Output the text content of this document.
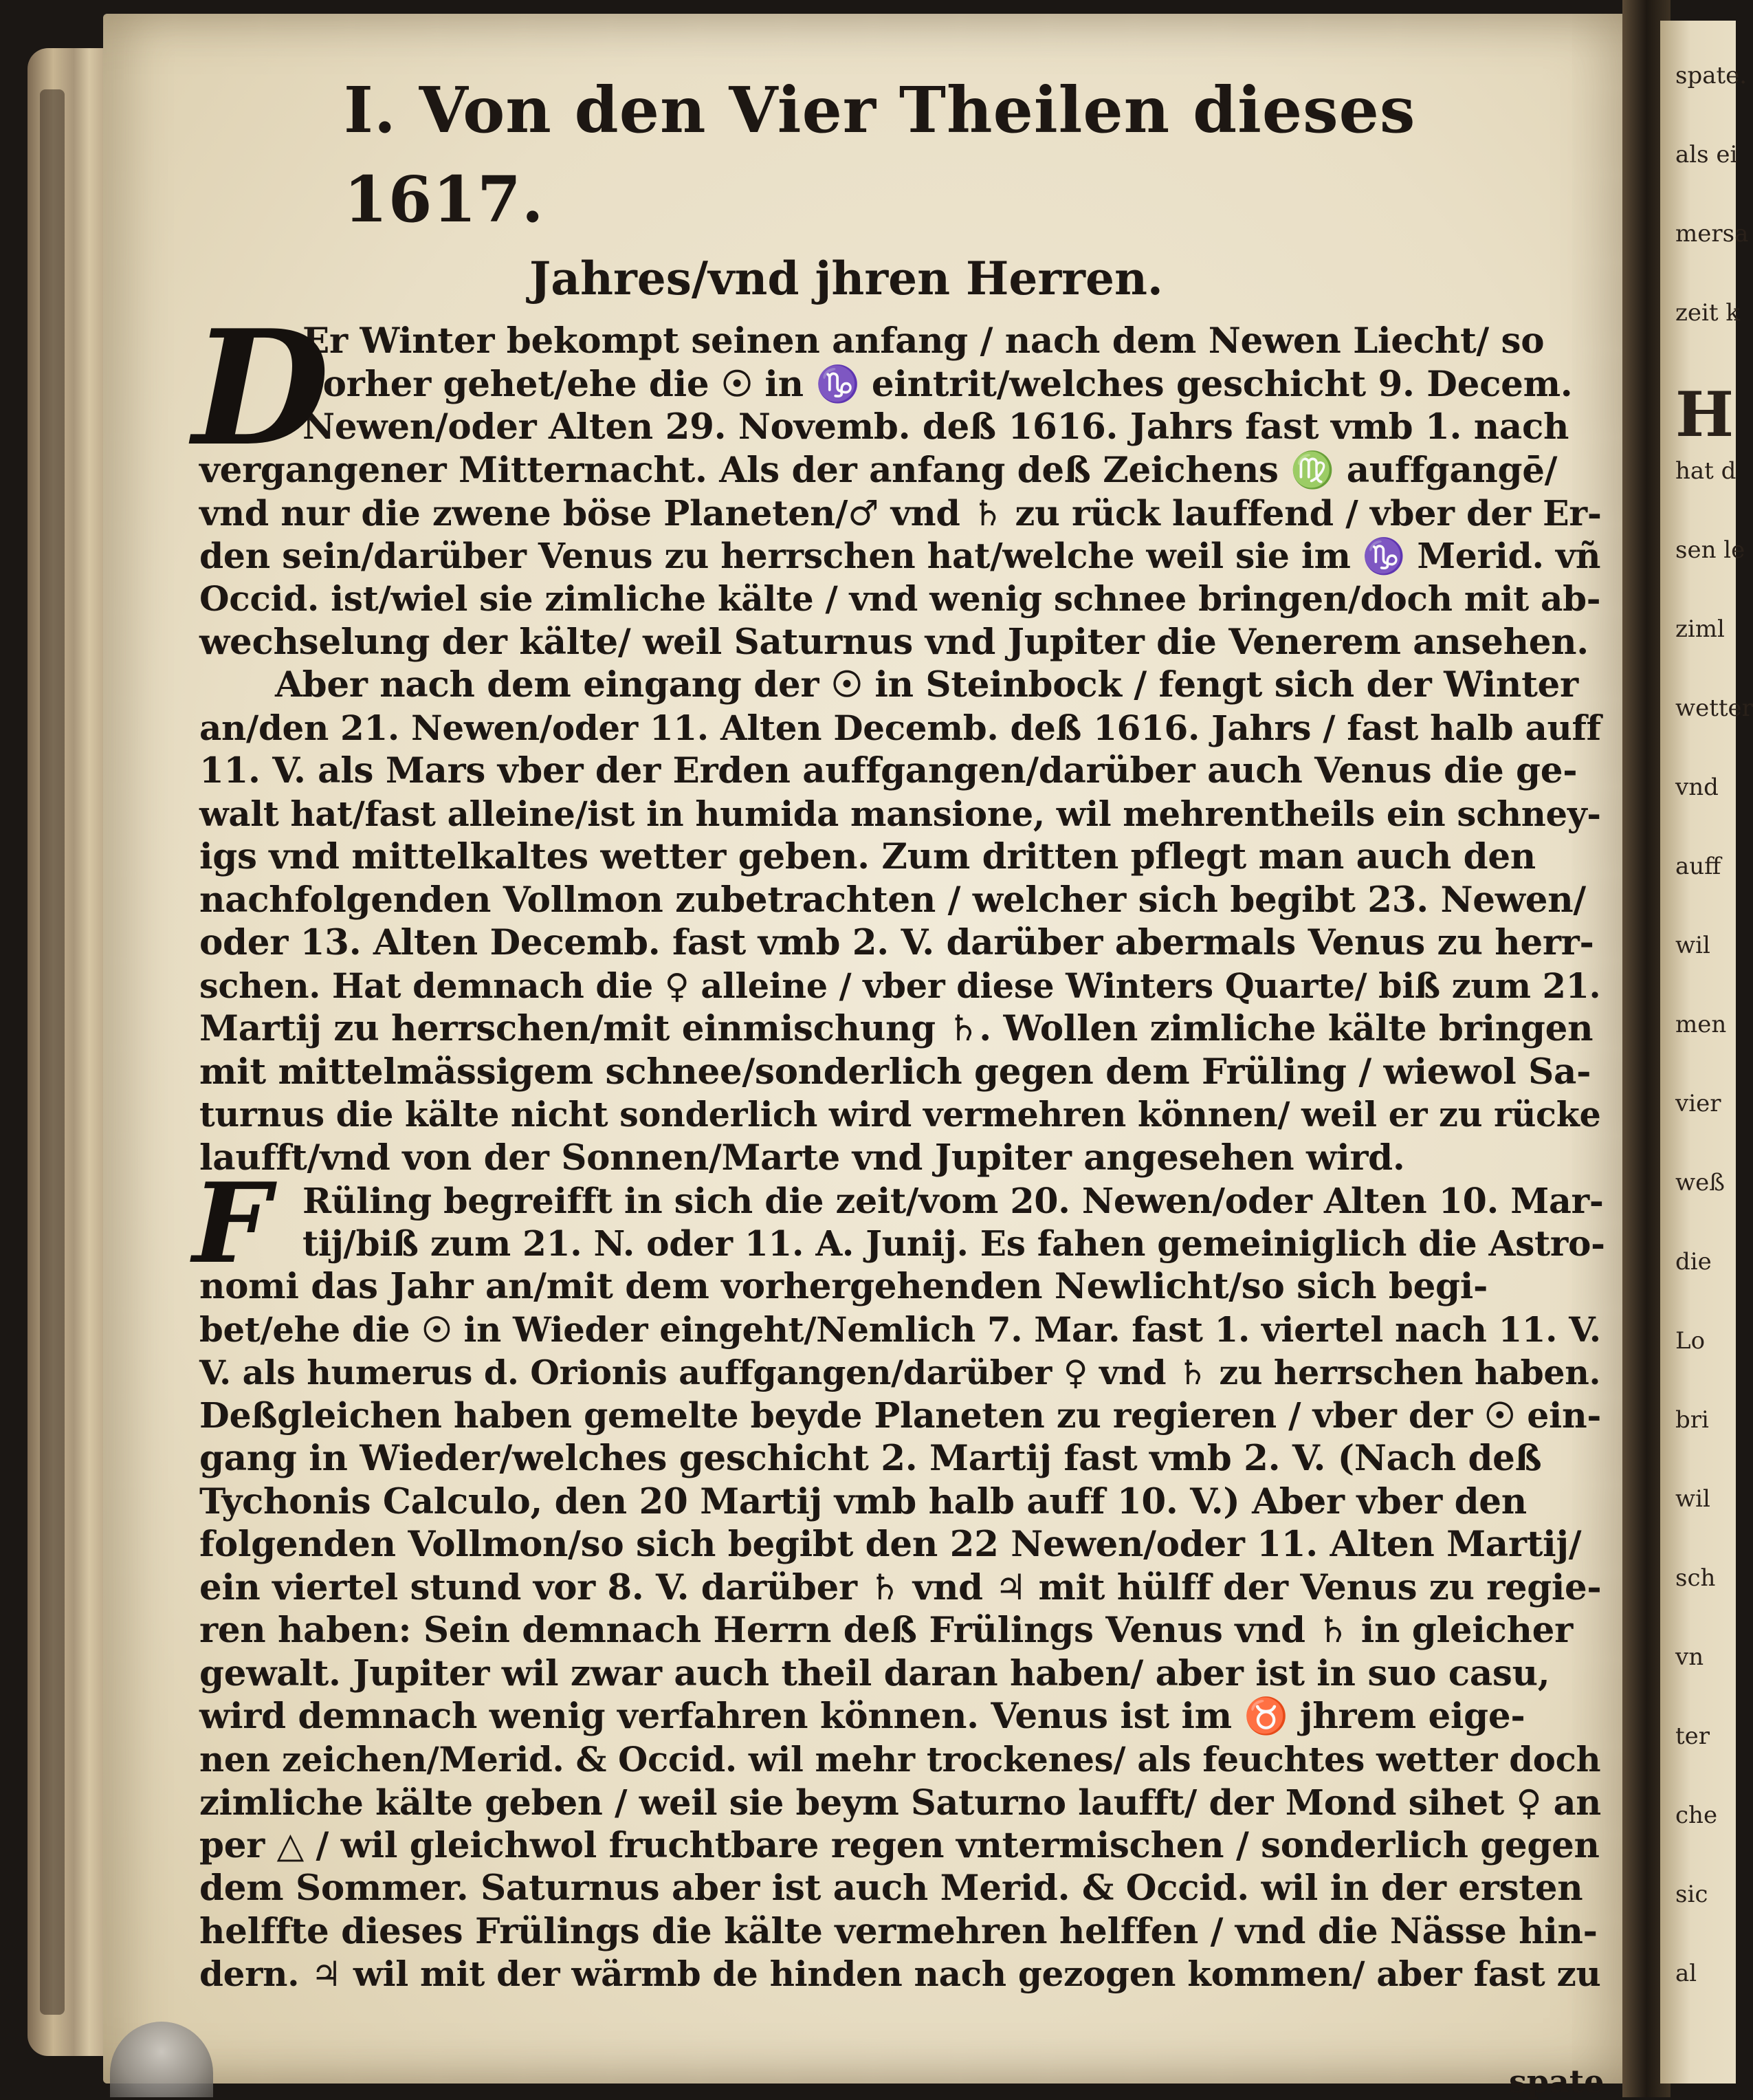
spate.
als ei
mersa
zeit k
H
hat d
sen le
ziml
wetter
vnd
auff
wil
men
vier
weß
die
Lo
bri
wil
sch
vn
ter
che
sic
al
I. Von den Vier Theilen dieses 1617.
Jahres/vnd jhren Herren.
D
Er Winter bekompt seinen anfang / nach dem Newen Liecht/ so
vorher gehet/ehe die ☉ in ♑ eintrit/welches geschicht 9. Decem.
Newen/oder Alten 29. Novemb. deß 1616. Jahrs fast vmb 1. nach
vergangener Mitternacht. Als der anfang deß Zeichens ♍ auffgangē/
vnd nur die zwene böse Planeten/♂ vnd ♄ zu rück lauffend / vber der Er-
den sein/darüber Venus zu herrschen hat/welche weil sie im ♑ Merid. vñ
Occid. ist/wiel sie zimliche kälte / vnd wenig schnee bringen/doch mit ab-
wechselung der kälte/ weil Saturnus vnd Jupiter die Venerem ansehen.
Aber nach dem eingang der ☉ in Steinbock / fengt sich der Winter
an/den 21. Newen/oder 11. Alten Decemb. deß 1616. Jahrs / fast halb auff
11. V. als Mars vber der Erden auffgangen/darüber auch Venus die ge-
walt hat/fast alleine/ist in humida mansione, wil mehrentheils ein schney-
igs vnd mittelkaltes wetter geben. Zum dritten pflegt man auch den
nachfolgenden Vollmon zubetrachten / welcher sich begibt 23. Newen/
oder 13. Alten Decemb. fast vmb 2. V. darüber abermals Venus zu herr-
schen. Hat demnach die ♀ alleine / vber diese Winters Quarte/ biß zum 21.
Martij zu herrschen/mit einmischung ♄. Wollen zimliche kälte bringen
mit mittelmässigem schnee/sonderlich gegen dem Früling / wiewol Sa-
turnus die kälte nicht sonderlich wird vermehren können/ weil er zu rücke
laufft/vnd von der Sonnen/Marte vnd Jupiter angesehen wird.
F Rüling begreifft in sich die zeit/vom 20. Newen/oder Alten 10. Mar-
tij/biß zum 21. N. oder 11. A. Junij. Es fahen gemeiniglich die Astro-
nomi das Jahr an/mit dem vorhergehenden Newlicht/so sich begi-
bet/ehe die ☉ in Wieder eingeht/Nemlich 7. Mar. fast 1. viertel nach 11. V.
V. als humerus d. Orionis auffgangen/darüber ♀ vnd ♄ zu herrschen haben.
Deßgleichen haben gemelte beyde Planeten zu regieren / vber der ☉ ein-
gang in Wieder/welches geschicht 2. Martij fast vmb 2. V. (Nach deß
Tychonis Calculo, den 20 Martij vmb halb auff 10. V.) Aber vber den
folgenden Vollmon/so sich begibt den 22 Newen/oder 11. Alten Martij/
ein viertel stund vor 8. V. darüber ♄ vnd ♃ mit hülff der Venus zu regie-
ren haben: Sein demnach Herrn deß Frülings Venus vnd ♄ in gleicher
gewalt. Jupiter wil zwar auch theil daran haben/ aber ist in suo casu,
wird demnach wenig verfahren können. Venus ist im ♉ jhrem eige-
nen zeichen/Merid. & Occid. wil mehr trockenes/ als feuchtes wetter doch
zimliche kälte geben / weil sie beym Saturno laufft/ der Mond sihet ♀ an
per △ / wil gleichwol fruchtbare regen vntermischen / sonderlich gegen
dem Sommer. Saturnus aber ist auch Merid. & Occid. wil in der ersten
helffte dieses Frülings die kälte vermehren helffen / vnd die Nässe hin-
dern. ♃ wil mit der wärmb de hinden nach gezogen kommen/ aber fast zu
spate
